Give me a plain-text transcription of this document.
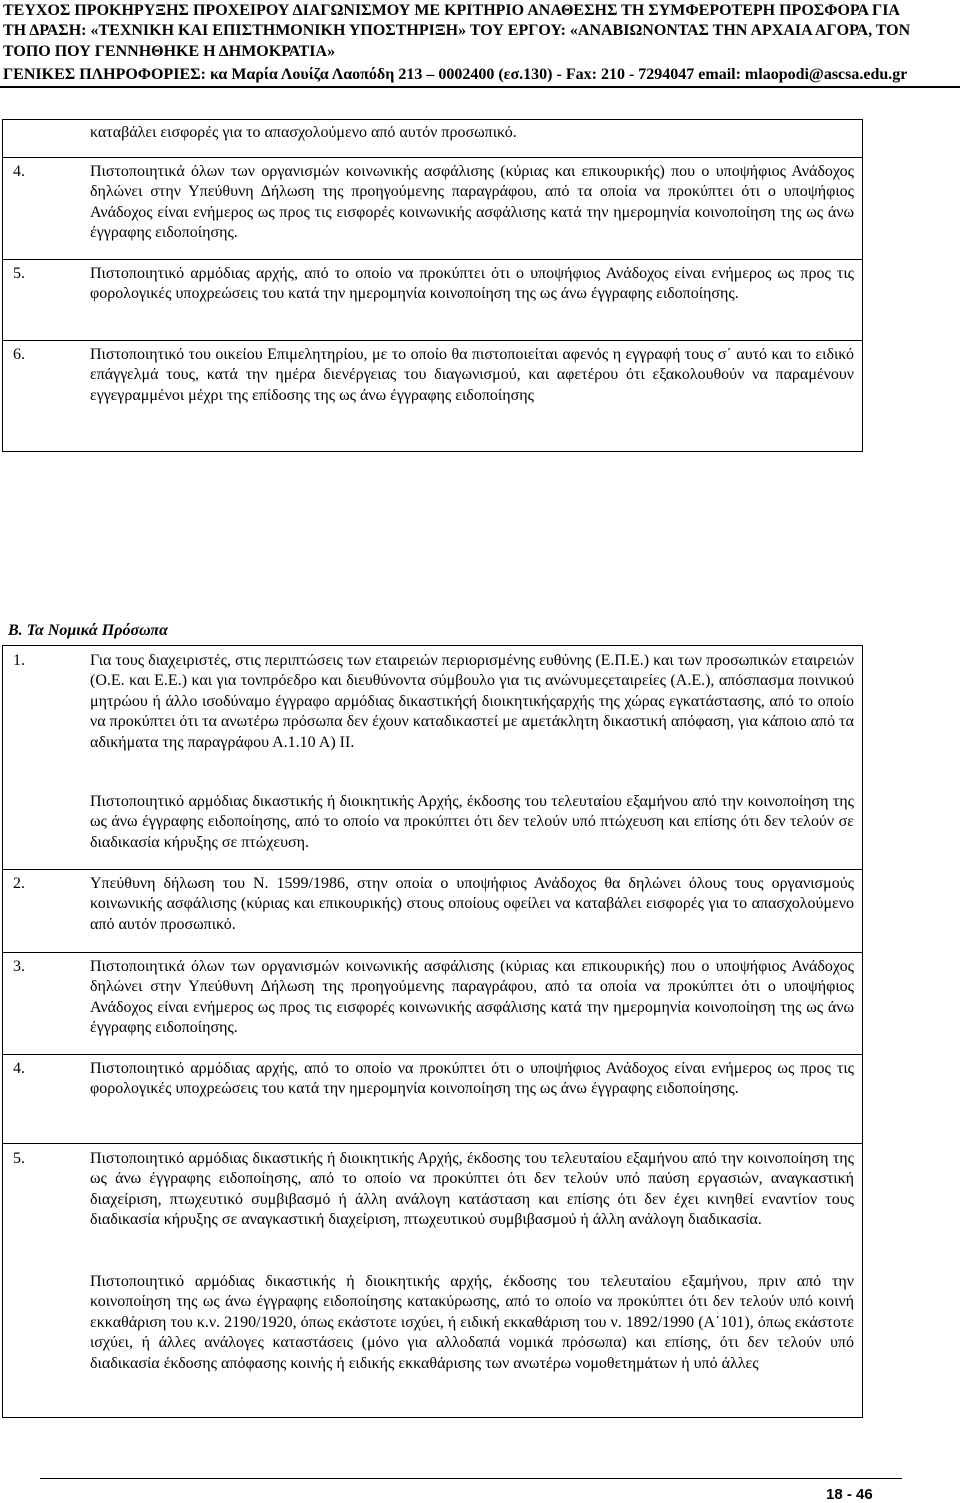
ΤΕΥΧΟΣ ΠΡΟΚΗΡΥΞΗΣ ΠΡΟΧΕΙΡΟΥ ΔΙΑΓΩΝΙΣΜΟΥ ΜΕ ΚΡΙΤΗΡΙΟ ΑΝΑΘΕΣΗΣ ΤΗ ΣΥΜΦΕΡΟΤΕΡΗ ΠΡΟΣΦΟΡΑ ΓΙΑ
ΤΗ ΔΡΑΣΗ: «ΤΕΧΝΙΚΗ ΚΑΙ ΕΠΙΣΤΗΜΟΝΙΚΗ ΥΠΟΣΤΗΡΙΞΗ» ΤΟΥ ΕΡΓΟΥ: «ΑΝΑΒΙΩΝΟΝΤΑΣ ΤΗΝ ΑΡΧΑΙΑ ΑΓΟΡΑ, ΤΟΝ
ΤΟΠΟ ΠΟΥ ΓΕΝΝΗΘΗΚΕ Η ΔΗΜΟΚΡΑΤΙΑ»
ΓΕΝΙΚΕΣ ΠΛΗΡΟΦΟΡΙΕΣ: κα Μαρία Λουίζα Λαοπόδη 213 – 0002400 (εσ.130) - Fax: 210 - 7294047 email: mlaopodi@ascsa.edu.gr
καταβάλει εισφορές για το απασχολούμενο από αυτόν προσωπικό.
4.	Πιστοποιητικά όλων των οργανισμών κοινωνικής ασφάλισης (κύριας και επικουρικής) που ο υποψήφιος Ανάδοχος δηλώνει στην Υπεύθυνη Δήλωση της προηγούμενης παραγράφου, από τα οποία να προκύπτει ότι ο υποψήφιος Ανάδοχος είναι ενήμερος ως προς τις εισφορές κοινωνικής ασφάλισης κατά την ημερομηνία κοινοποίηση της ως άνω έγγραφης ειδοποίησης.
5.	Πιστοποιητικό αρμόδιας αρχής, από το οποίο να προκύπτει ότι ο υποψήφιος Ανάδοχος είναι ενήμερος ως προς τις φορολογικές υποχρεώσεις του κατά την ημερομηνία κοινοποίηση της ως άνω έγγραφης ειδοποίησης.
6.	Πιστοποιητικό του οικείου Επιμελητηρίου, με το οποίο θα πιστοποιείται αφενός η εγγραφή τους σ΄ αυτό και το ειδικό επάγγελμά τους, κατά την ημέρα διενέργειας του διαγωνισμού, και αφετέρου ότι εξακολουθούν να παραμένουν εγγεγραμμένοι μέχρι της επίδοσης της ως άνω έγγραφης ειδοποίησης
Β. Τα Νομικά Πρόσωπα
1.	Για τους διαχειριστές, στις περιπτώσεις των εταιρειών περιορισμένης ευθύνης (Ε.Π.Ε.) και των προσωπικών εταιρειών (Ο.Ε. και Ε.Ε.) και για τονπρόεδρο και διευθύνοντα σύμβουλο για τις ανώνυμεςεταιρείες (Α.Ε.), απόσπασμα ποινικού μητρώου ή άλλο ισοδύναμο έγγραφο αρμόδιας δικαστικήςή διοικητικήςαρχής της χώρας εγκατάστασης, από το οποίο να προκύπτει ότι τα ανωτέρω πρόσωπα δεν έχουν καταδικαστεί με αμετάκλητη δικαστική απόφαση, για κάποιο από τα αδικήματα της παραγράφου Α.1.10 Α) ΙΙ.
Πιστοποιητικό αρμόδιας δικαστικής ή διοικητικής Αρχής, έκδοσης του τελευταίου εξαμήνου από την κοινοποίηση της ως άνω έγγραφης ειδοποίησης, από το οποίο να προκύπτει ότι δεν τελούν υπό πτώχευση και επίσης ότι δεν τελούν σε διαδικασία κήρυξης σε πτώχευση.
2.	Υπεύθυνη δήλωση του Ν. 1599/1986, στην οποία ο υποψήφιος Ανάδοχος θα δηλώνει όλους τους οργανισμούς κοινωνικής ασφάλισης (κύριας και επικουρικής) στους οποίους οφείλει να καταβάλει εισφορές για το απασχολούμενο από αυτόν προσωπικό.
3.	Πιστοποιητικά όλων των οργανισμών κοινωνικής ασφάλισης (κύριας και επικουρικής) που ο υποψήφιος Ανάδοχος δηλώνει στην Υπεύθυνη Δήλωση της προηγούμενης παραγράφου, από τα οποία να προκύπτει ότι ο υποψήφιος Ανάδοχος είναι ενήμερος ως προς τις εισφορές κοινωνικής ασφάλισης κατά την ημερομηνία κοινοποίηση της ως άνω έγγραφης ειδοποίησης.
4.	Πιστοποιητικό αρμόδιας αρχής, από το οποίο να προκύπτει ότι ο υποψήφιος Ανάδοχος είναι ενήμερος ως προς τις φορολογικές υποχρεώσεις του κατά την ημερομηνία κοινοποίηση της ως άνω έγγραφης ειδοποίησης.
5.	Πιστοποιητικό αρμόδιας δικαστικής ή διοικητικής Αρχής, έκδοσης του τελευταίου εξαμήνου από την κοινοποίηση της ως άνω έγγραφης ειδοποίησης, από το οποίο να προκύπτει ότι δεν τελούν υπό παύση εργασιών, αναγκαστική διαχείριση, πτωχευτικό συμβιβασμό ή άλλη ανάλογη κατάσταση και επίσης ότι δεν έχει κινηθεί εναντίον τους διαδικασία κήρυξης σε αναγκαστική διαχείριση, πτωχευτικού συμβιβασμού ή άλλη ανάλογη διαδικασία.
Πιστοποιητικό αρμόδιας δικαστικής ή διοικητικής αρχής, έκδοσης του τελευταίου εξαμήνου, πριν από την κοινοποίηση της ως άνω έγγραφης ειδοποίησης κατακύρωσης, από το οποίο να προκύπτει ότι δεν τελούν υπό κοινή εκκαθάριση του κ.ν. 2190/1920, όπως εκάστοτε ισχύει, ή ειδική εκκαθάριση του ν. 1892/1990 (Α΄101), όπως εκάστοτε ισχύει, ή άλλες ανάλογες καταστάσεις (μόνο για αλλοδαπά νομικά πρόσωπα) και επίσης, ότι δεν τελούν υπό διαδικασία έκδοσης απόφασης κοινής ή ειδικής εκκαθάρισης των ανωτέρω νομοθετημάτων ή υπό άλλες
18 - 46
